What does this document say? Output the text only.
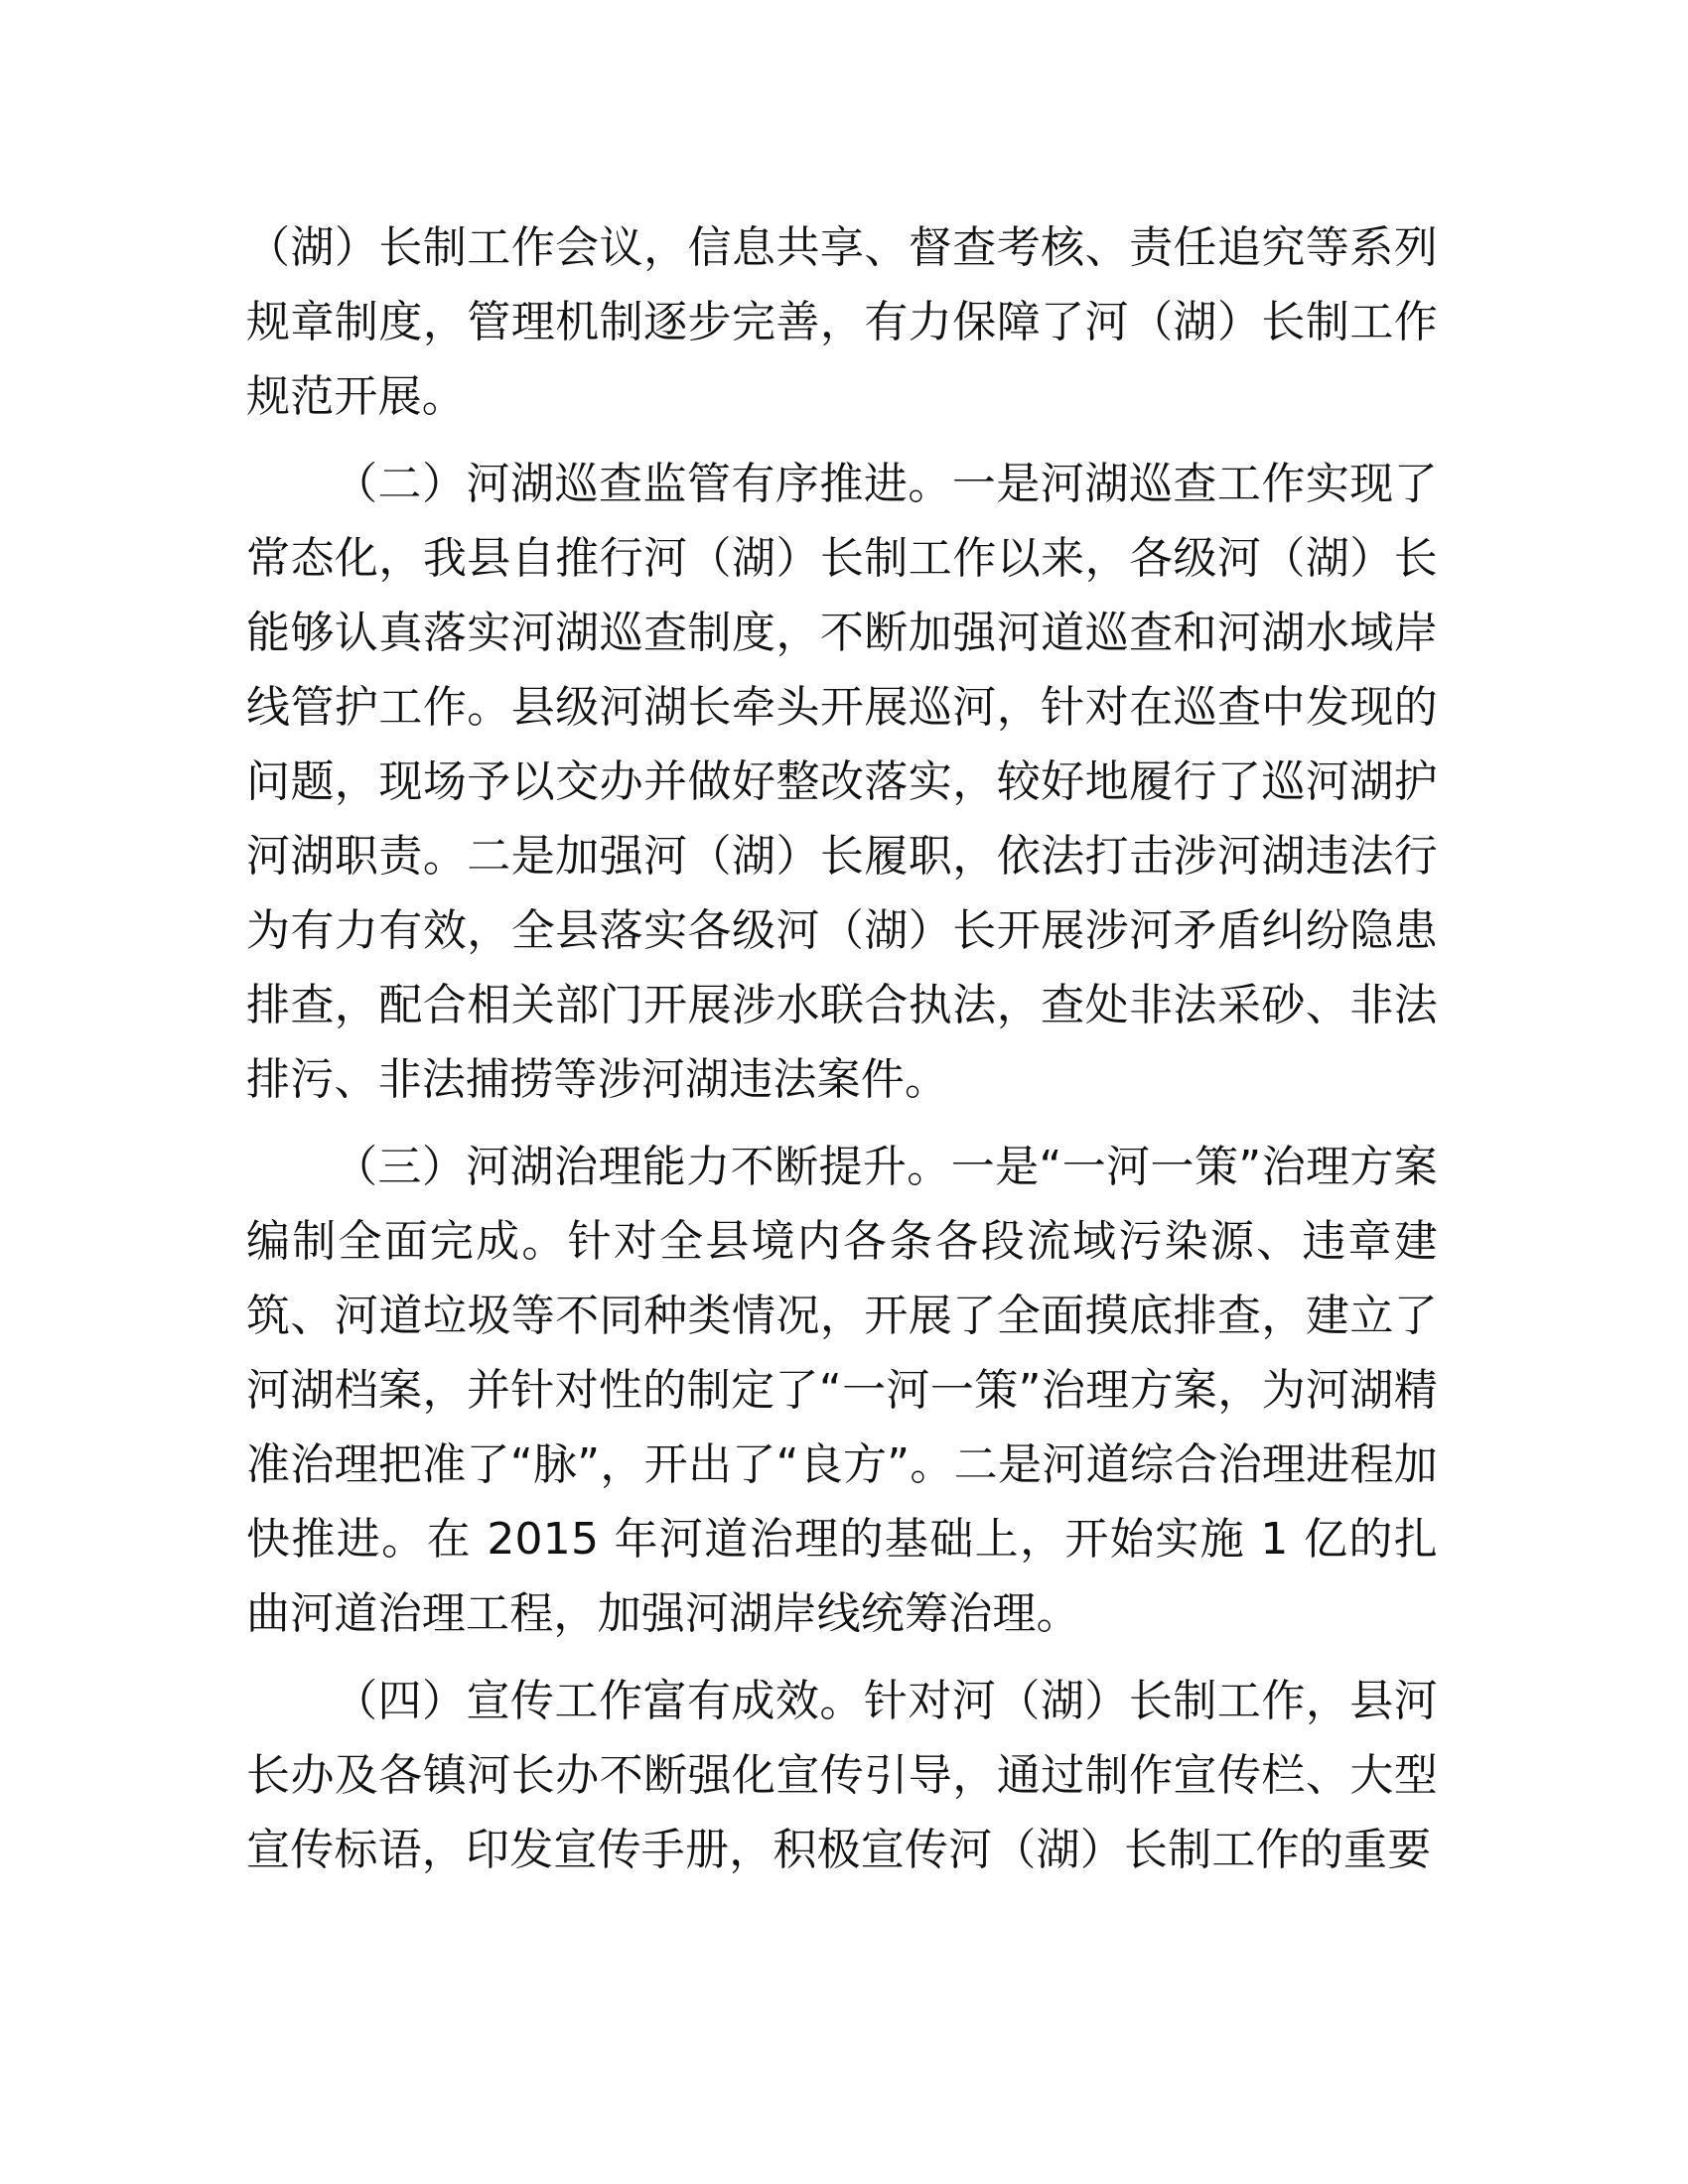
（湖）长制工作会议，信息共享、督查考核、责任追究等系列规章制度，管理机制逐步完善，有力保障了河（湖）长制工作规范开展。

（二）河湖巡查监管有序推进。一是河湖巡查工作实现了常态化，我县自推行河（湖）长制工作以来，各级河（湖）长能够认真落实河湖巡查制度，不断加强河道巡查和河湖水域岸线管护工作。县级河湖长牵头开展巡河，针对在巡查中发现的问题，现场予以交办并做好整改落实，较好地履行了巡河湖护河湖职责。二是加强河（湖）长履职，依法打击涉河湖违法行为有力有效，全县落实各级河（湖）长开展涉河矛盾纠纷隐患排查，配合相关部门开展涉水联合执法，查处非法采砂、非法排污、非法捕捞等涉河湖违法案件。

（三）河湖治理能力不断提升。一是“一河一策”治理方案编制全面完成。针对全县境内各条各段流域污染源、违章建筑、河道垃圾等不同种类情况，开展了全面摸底排查，建立了河湖档案，并针对性的制定了“一河一策”治理方案，为河湖精准治理把准了“脉”，开出了“良方”。二是河道综合治理进程加快推进。在 2015 年河道治理的基础上，开始实施 1 亿的扎曲河道治理工程，加强河湖岸线统筹治理。

（四）宣传工作富有成效。针对河（湖）长制工作，县河长办及各镇河长办不断强化宣传引导，通过制作宣传栏、大型宣传标语，印发宣传手册，积极宣传河（湖）长制工作的重要
